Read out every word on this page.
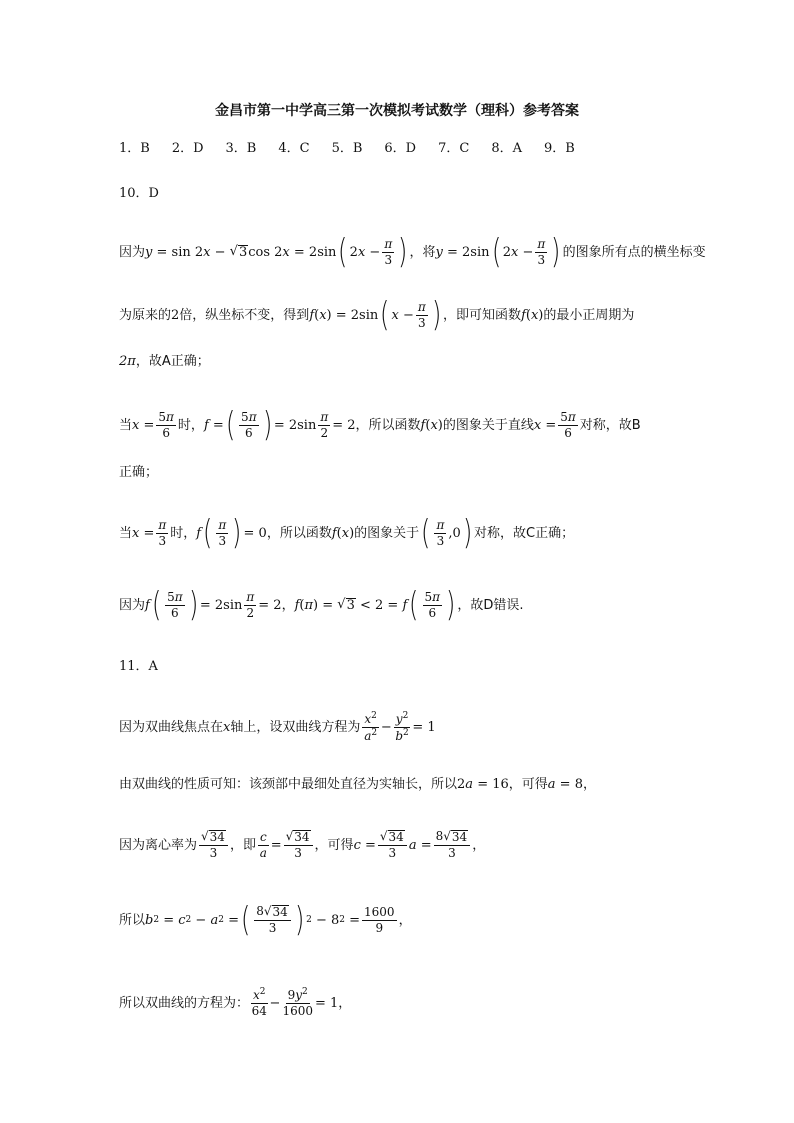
金昌市第一中学高三第一次模拟考试数学（理科）参考答案
1．B 2．D 3．B 4．C 5．B 6．D 7．C 8．A 9．B
10．D
因为 y = sin 2 x − √ 3 cos 2 x = 2sin ( 2 $x - \frac{\pi}{3}$ ) ，将 y = 2sin ( 2 $x - \frac{\pi}{3}$ ) 的图象所有点的横坐标变
为原来的 2 倍，纵坐标不变，得到 f ( x ) = 2sin ( $x - \frac{\pi}{3}$ ) ，即可知函数 f ( x ) 的最小正周期为
2π ，故A正确；
当 $x = \frac{5\pi}{6}$ 时， f = ( $\frac{5\pi}{6}$ ) = $2\sin \frac{\pi}{2} = 2$ ，所以函数 f ( x ) 的图象关于直线 $x = \frac{5\pi}{6}$ 对称，故B
正确；
当 $x = \frac{\pi}{3}$ 时， f ( $\frac{\pi}{3}$ ) = 0 ，所以函数 f ( x ) 的图象关于 ( $\frac{\pi}{3} ,0$ ) 对称，故C正确；
因为 f ( $\frac{5\pi}{6}$ ) = $2\sin \frac{\pi}{2} = 2$ ， f ( π ) = √ 3 < 2 = f ( $\frac{5\pi}{6}$ ) ，故D错误.
11．A
因为双曲线焦点在 x 轴上，设双曲线方程为 $\frac{x^2}{a^2} - \frac{y^2}{b^2} = 1$
由双曲线的性质可知：该颈部中最细处直径为实轴长，所以 2 a = 16 ，可得 a = 8 ，
因为离心率为 $\frac{√ 34}{3}$ ，即 $\frac{c}{a} = \frac{√ 34}{3}$ ，可得 $c = \frac{√ 34}{3}$ $a = \frac{8√ 34}{3}$ ，
所以 b 2 = c 2 − a 2 = ( $\frac{8√ 34}{3}$ ) 2 − 8 $2 = \frac{1600}{9}$ ，
所以双曲线的方程为： $\frac{x^2}{64} - \frac{9y^2}{1600} = 1$ ，
